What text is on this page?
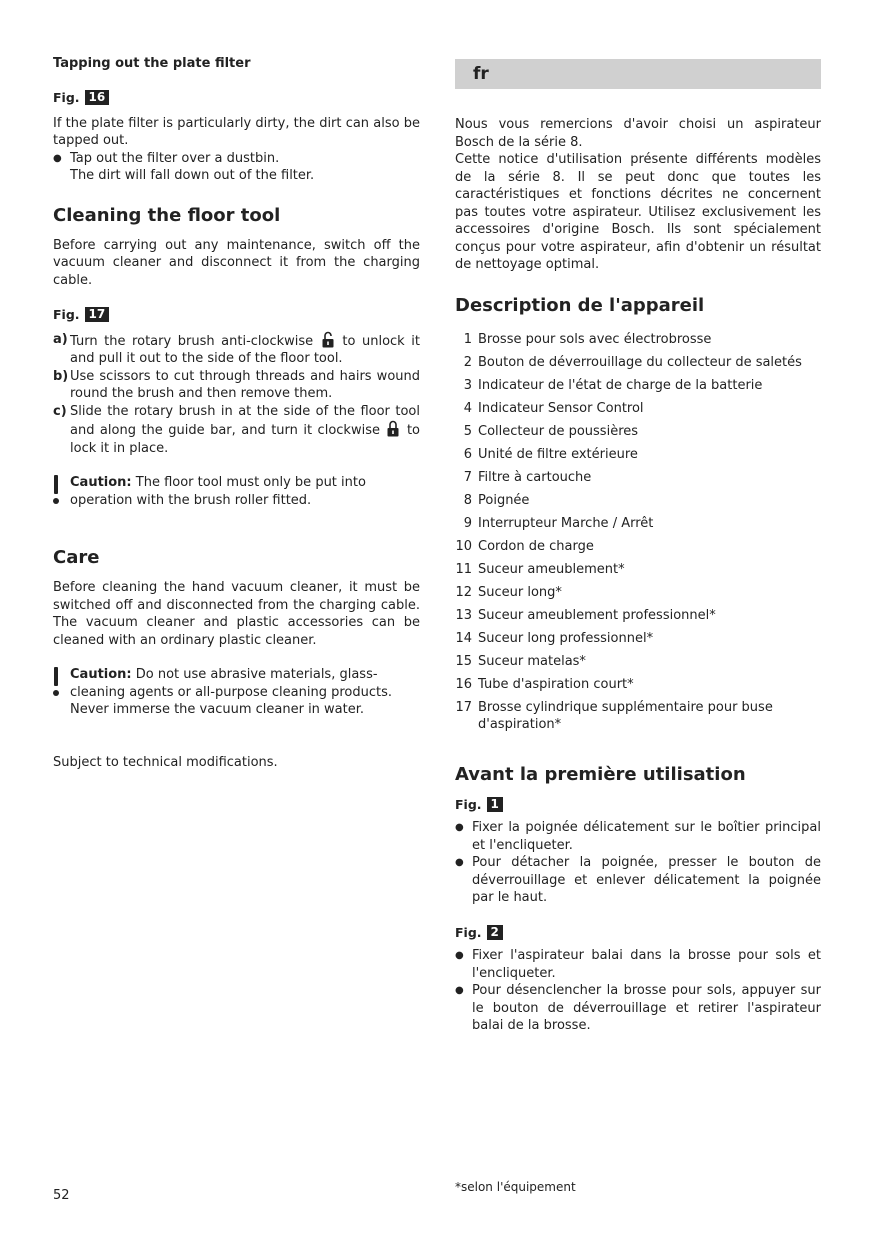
Tapping out the plate filter
Fig. 16

If the plate filter is particularly dirty, the dirt can also be tapped out.

● Tap out the filter over a dustbin.
The dirt will fall down out of the filter.
Cleaning the floor tool

Before carrying out any maintenance, switch off the vacuum cleaner and disconnect it from the charging cable.

Fig. 17
a) Turn the rotary brush anti-clockwise to unlock it and pull it out to the side of the floor tool.
b) Use scissors to cut through threads and hairs wound round the brush and then remove them.
c) Slide the rotary brush in at the side of the floor tool and along the guide bar, and turn it clockwise to lock it in place.
Caution: The floor tool must only be put into operation with the brush roller fitted.
Care

Before cleaning the hand vacuum cleaner, it must be switched off and disconnected from the charging cable. The vacuum cleaner and plastic accessories can be cleaned with an ordinary plastic cleaner.

Caution: Do not use abrasive materials, glass-cleaning agents or all-purpose cleaning products.
Never immerse the vacuum cleaner in water.
Subject to technical modifications.
fr

Nous vous remercions d'avoir choisi un aspirateur Bosch de la série 8.

Cette notice d'utilisation présente différents modèles de la série 8. Il se peut donc que toutes les caractéristiques et fonctions décrites ne concernent pas toutes votre aspirateur. Utilisez exclusivement les accessoires d'origine Bosch. Ils sont spécialement conçus pour votre aspirateur, afin d'obtenir un résultat de nettoyage optimal.

Description de l'appareil
1 Brosse pour sols avec électrobrosse
2 Bouton de déverrouillage du collecteur de saletés
3 Indicateur de l'état de charge de la batterie
4 Indicateur Sensor Control
5 Collecteur de poussières
6 Unité de filtre extérieure
7 Filtre à cartouche
8 Poignée
9 Interrupteur Marche / Arrêt
10 Cordon de charge
11 Suceur ameublement*
12 Suceur long*
13 Suceur ameublement professionnel*
14 Suceur long professionnel*
15 Suceur matelas*
16 Tube d'aspiration court*
17 Brosse cylindrique supplémentaire pour buse d'aspiration*
Avant la première utilisation
Fig. 1

● Fixer la poignée délicatement sur le boîtier principal et l'encliqueter.

● Pour détacher la poignée, presser le bouton de déverrouillage et enlever délicatement la poignée par le haut.

Fig. 2

● Fixer l'aspirateur balai dans la brosse pour sols et l'encliqueter.

● Pour désenclencher la brosse pour sols, appuyer sur le bouton de déverrouillage et retirer l'aspirateur balai de la brosse.

*selon l'équipement
52
